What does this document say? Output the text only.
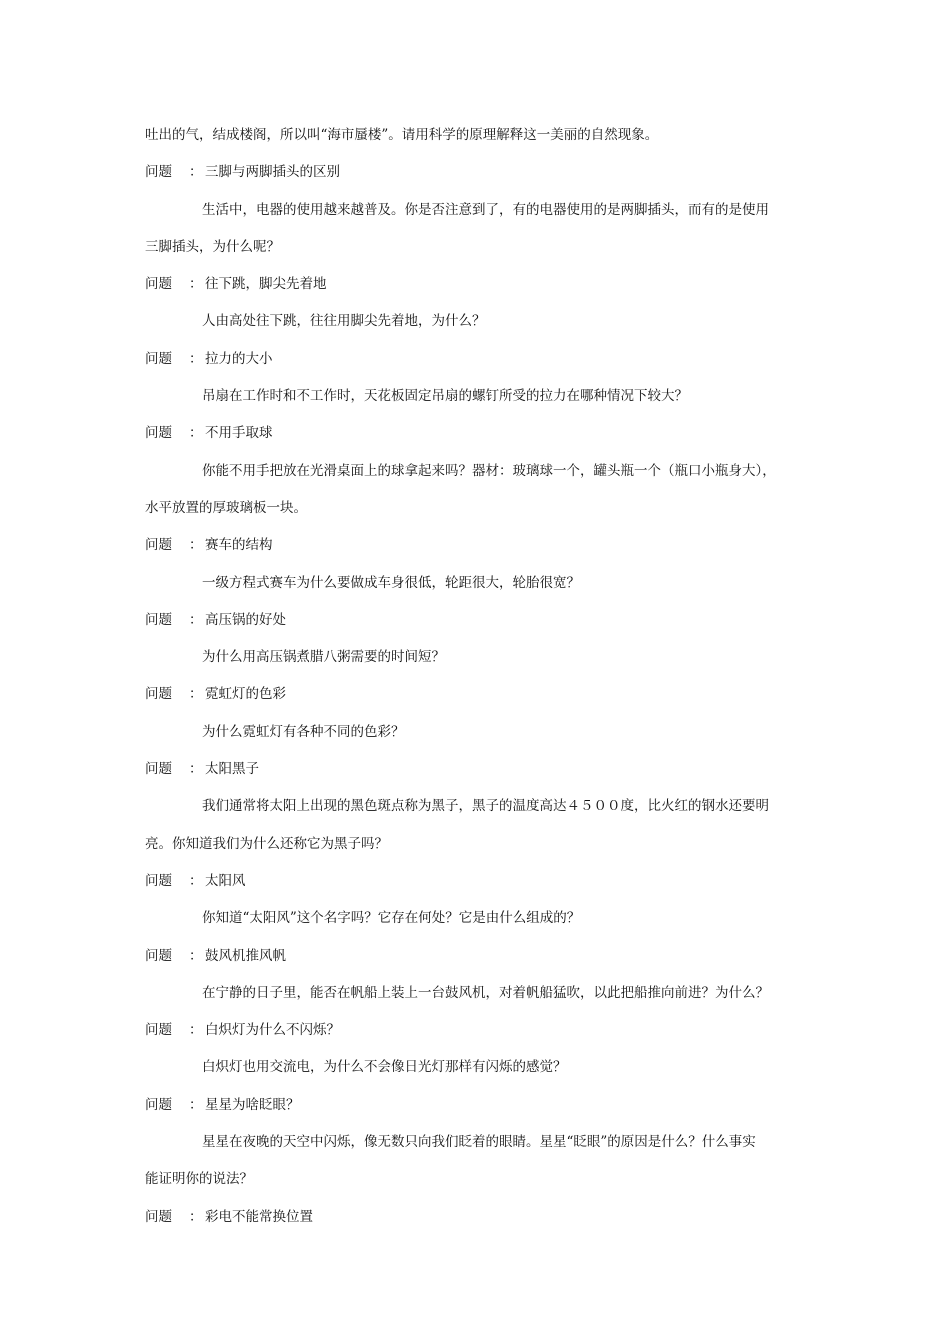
吐出的气，结成楼阁，所以叫“海市蜃楼”。请用科学的原理解释这一美丽的自然现象。
问题 ： 三脚与两脚插头的区别
生活中，电器的使用越来越普及。你是否注意到了，有的电器使用的是两脚插头，而有的是使用
三脚插头，为什么呢？
问题 ： 往下跳，脚尖先着地
人由高处往下跳，往往用脚尖先着地，为什么？
问题 ： 拉力的大小
吊扇在工作时和不工作时，天花板固定吊扇的螺钉所受的拉力在哪种情况下较大？
问题 ： 不用手取球
你能不用手把放在光滑桌面上的球拿起来吗？器材：玻璃球一个，罐头瓶一个（瓶口小瓶身大），
水平放置的厚玻璃板一块。
问题 ： 赛车的结构
一级方程式赛车为什么要做成车身很低，轮距很大，轮胎很宽？
问题 ： 高压锅的好处
为什么用高压锅煮腊八粥需要的时间短？
问题 ： 霓虹灯的色彩
为什么霓虹灯有各种不同的色彩？
问题 ： 太阳黑子
我们通常将太阳上出现的黑色斑点称为黑子，黑子的温度高达４５００度，比火红的钢水还要明
亮。你知道我们为什么还称它为黑子吗？
问题 ： 太阳风
你知道“太阳风”这个名字吗？它存在何处？它是由什么组成的？
问题 ： 鼓风机推风帆
在宁静的日子里，能否在帆船上装上一台鼓风机，对着帆船猛吹，以此把船推向前进？为什么？
问题 ： 白炽灯为什么不闪烁？
白炽灯也用交流电，为什么不会像日光灯那样有闪烁的感觉？
问题 ： 星星为啥眨眼？
星星在夜晚的天空中闪烁，像无数只向我们眨着的眼睛。星星“眨眼”的原因是什么？什么事实
能证明你的说法？
问题 ： 彩电不能常换位置
